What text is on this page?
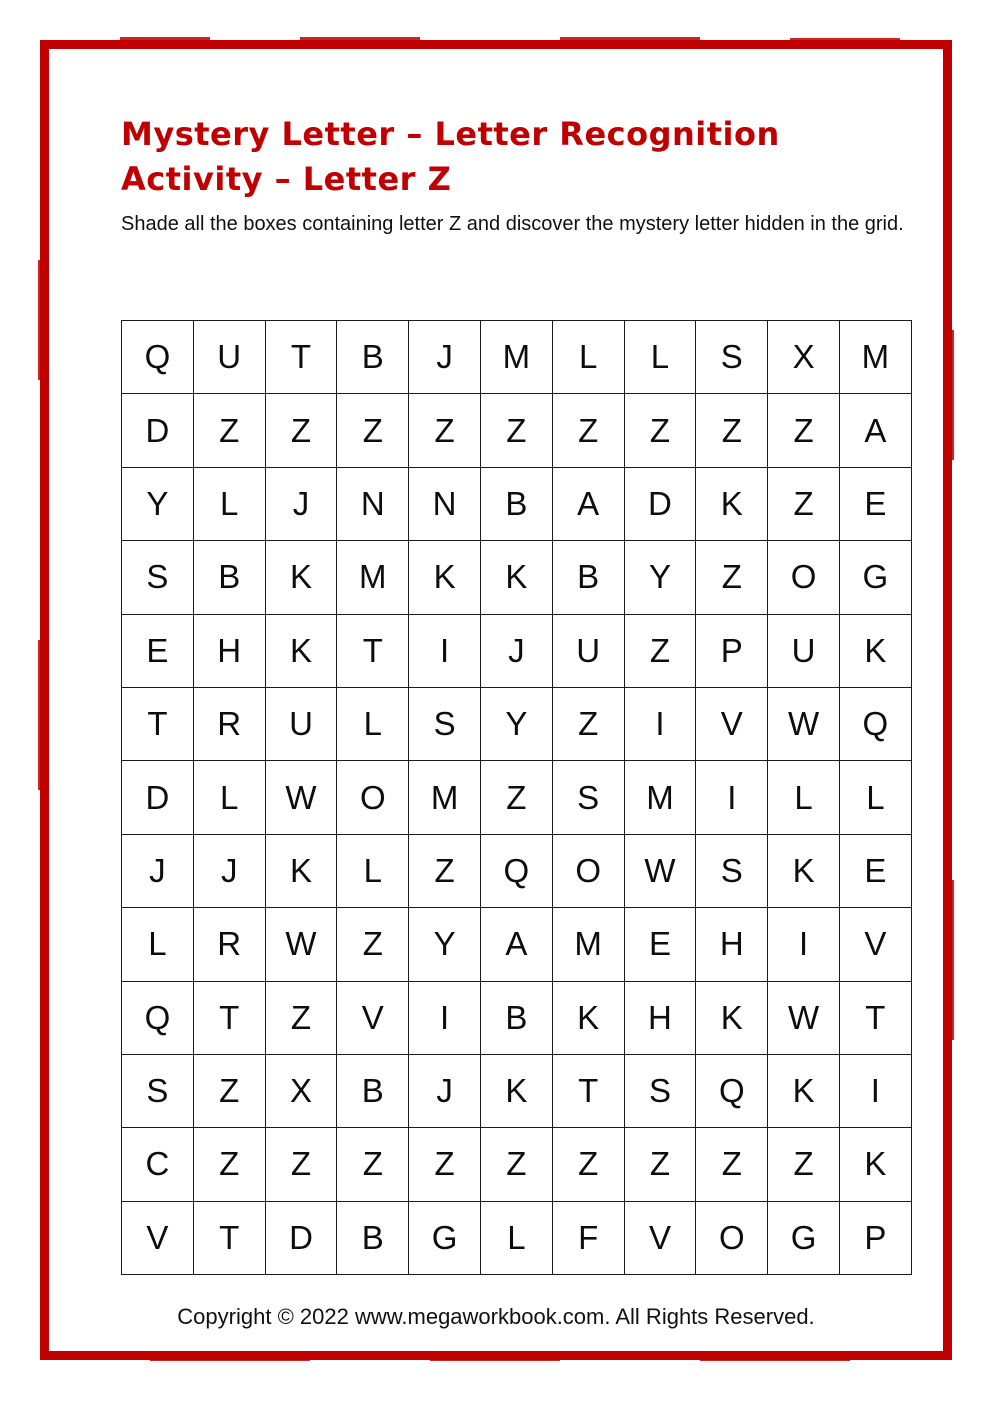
Mystery Letter – Letter Recognition Activity – Letter Z
Shade all the boxes containing letter Z and discover the mystery letter hidden in the grid.
Q	U	T	B	J	M	L	L	S	X	M
D	Z	Z	Z	Z	Z	Z	Z	Z	Z	A
Y	L	J	N	N	B	A	D	K	Z	E
S	B	K	M	K	K	B	Y	Z	O	G
E	H	K	T	I	J	U	Z	P	U	K
T	R	U	L	S	Y	Z	I	V	W	Q
D	L	W	O	M	Z	S	M	I	L	L
J	J	K	L	Z	Q	O	W	S	K	E
L	R	W	Z	Y	A	M	E	H	I	V
Q	T	Z	V	I	B	K	H	K	W	T
S	Z	X	B	J	K	T	S	Q	K	I
C	Z	Z	Z	Z	Z	Z	Z	Z	Z	K
V	T	D	B	G	L	F	V	O	G	P
Copyright © 2022 www.megaworkbook.com. All Rights Reserved.
